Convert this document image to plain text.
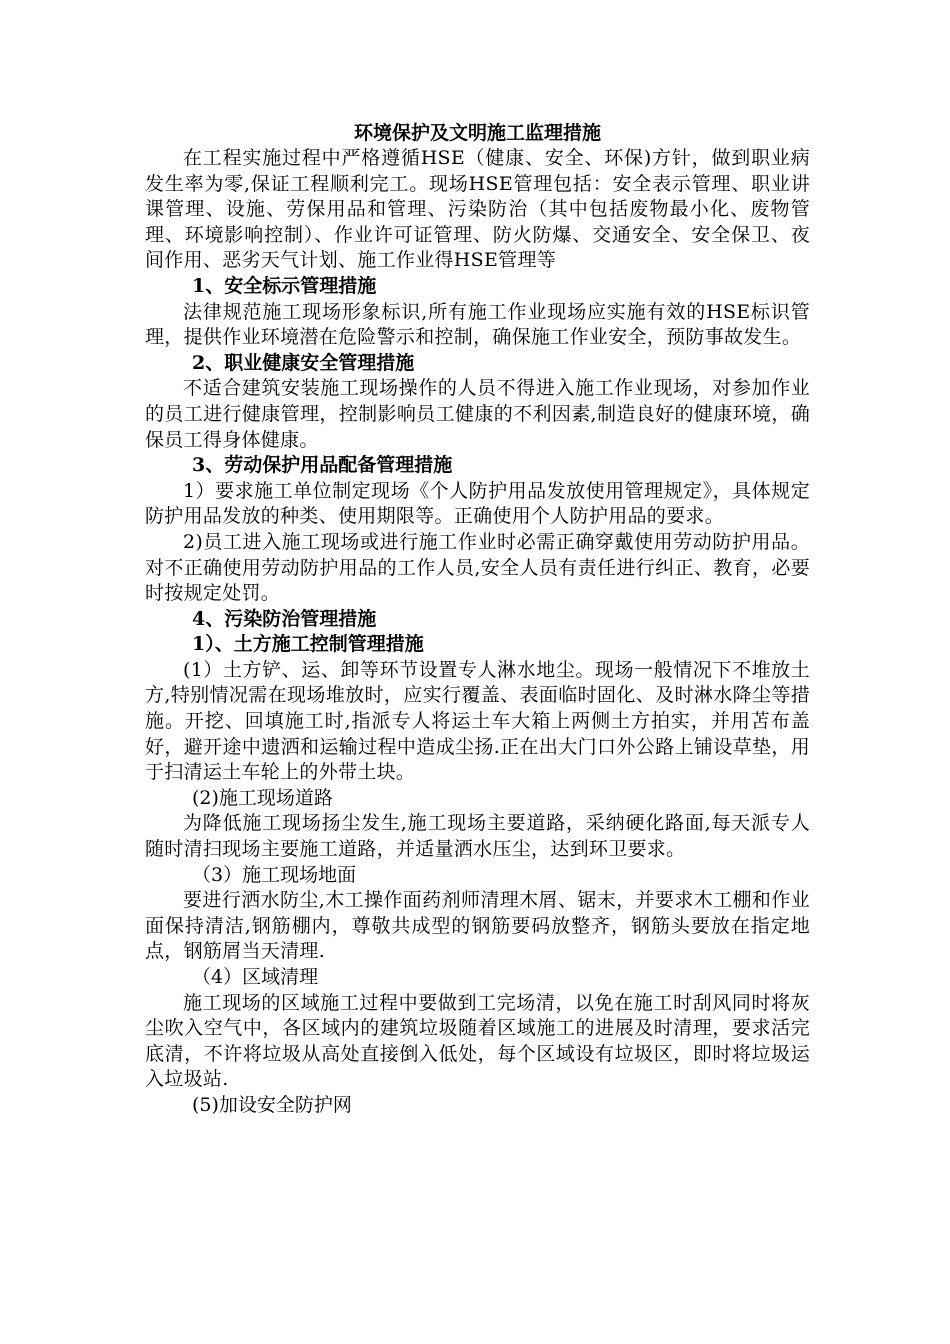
环境保护及文明施工监理措施

在工程实施过程中严格遵循HSE（健康、安全、环保)方针，做到职业病发生率为零,保证工程顺利完工。现场HSE管理包括：安全表示管理、职业讲课管理、设施、劳保用品和管理、污染防治（其中包括废物最小化、废物管理、环境影响控制）、作业许可证管理、防火防爆、交通安全、安全保卫、夜间作用、恶劣天气计划、施工作业得HSE管理等

1、安全标示管理措施

法律规范施工现场形象标识,所有施工作业现场应实施有效的HSE标识管理，提供作业环境潜在危险警示和控制，确保施工作业安全，预防事故发生。

2、职业健康安全管理措施

不适合建筑安装施工现场操作的人员不得进入施工作业现场，对参加作业的员工进行健康管理，控制影响员工健康的不利因素,制造良好的健康环境，确保员工得身体健康。

3、劳动保护用品配备管理措施

1）要求施工单位制定现场《个人防护用品发放使用管理规定》，具体规定防护用品发放的种类、使用期限等。正确使用个人防护用品的要求。

2)员工进入施工现场或进行施工作业时必需正确穿戴使用劳动防护用品。对不正确使用劳动防护用品的工作人员,安全人员有责任进行纠正、教育，必要时按规定处罚。

4、污染防治管理措施

1）、土方施工控制管理措施

(1）土方铲、运、卸等环节设置专人淋水地尘。现场一般情况下不堆放土方,特别情况需在现场堆放时，应实行覆盖、表面临时固化、及时淋水降尘等措施。开挖、回填施工时,指派专人将运土车大箱上两侧土方拍实，并用苫布盖好，避开途中遗洒和运输过程中造成尘扬.正在出大门口外公路上铺设草垫，用于扫清运土车轮上的外带土块。

(2)施工现场道路

为降低施工现场扬尘发生,施工现场主要道路，采纳硬化路面,每天派专人随时清扫现场主要施工道路，并适量洒水压尘，达到环卫要求。

（3）施工现场地面

要进行洒水防尘,木工操作面药剂师清理木屑、锯末，并要求木工棚和作业面保持清洁,钢筋棚内，尊敬共成型的钢筋要码放整齐，钢筋头要放在指定地点，钢筋屑当天清理.

（4）区域清理

施工现场的区域施工过程中要做到工完场清，以免在施工时刮风同时将灰尘吹入空气中，各区域内的建筑垃圾随着区域施工的进展及时清理，要求活完底清，不许将垃圾从高处直接倒入低处，每个区域设有垃圾区，即时将垃圾运入垃圾站.

(5)加设安全防护网
